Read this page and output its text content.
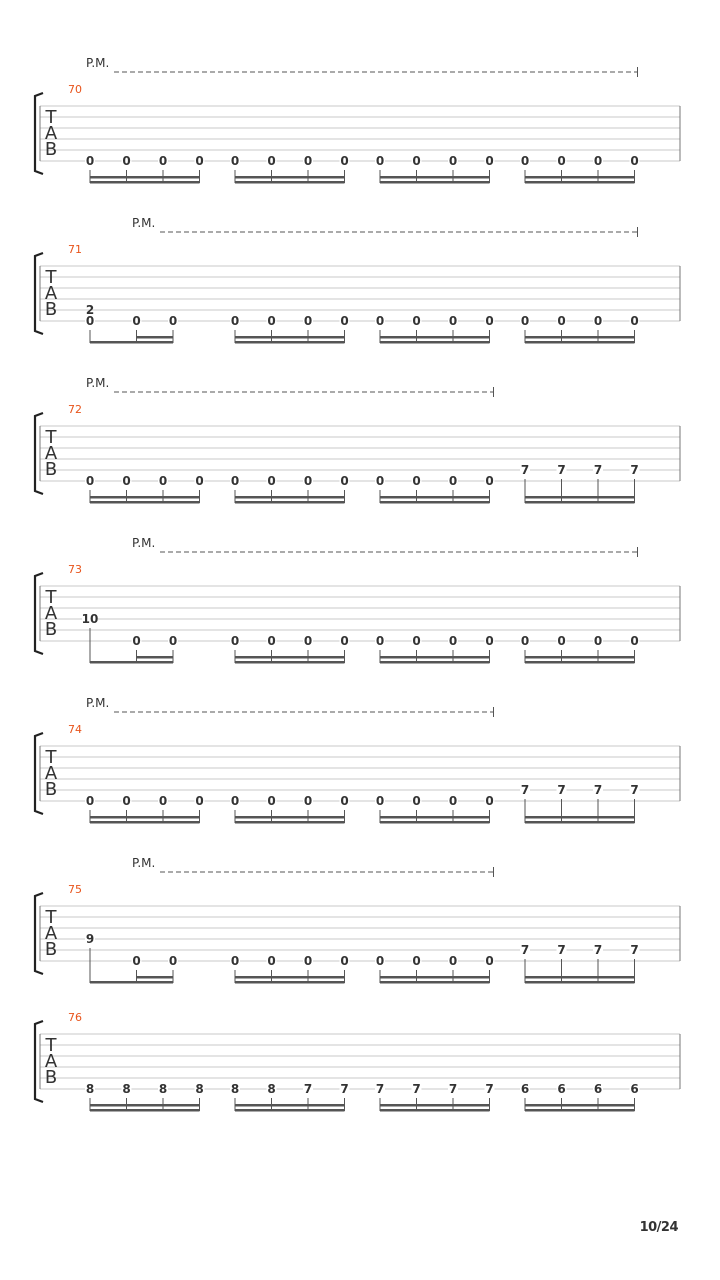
T
A
B
70
0 0 0 0 0 0 0 0 0 0 0 0 0 0 0 0
P.M.
T
A
B
71
0
2
0 0	0 0 0 0 0 0 0 0 0 0 0 0
P.M.
T
A
B
72
0 0 0 0 0 0 0 0 0 0 0 0
7 7 7 7
P.M.
T
A
B
73
10
0 0	0 0 0 0 0 0 0 0 0 0 0 0
P.M.
T
A
B
74
0 0 0 0 0 0 0 0 0 0 0 0
7 7 7 7
P.M.
T
A
B
75
9
0 0	0 0 0 0 0 0 0 0
7 7 7 7
P.M.
T
A
B
76
8 8 8 8 8 8 7 7 7 7 7 7 6 6 6 6
10/24
